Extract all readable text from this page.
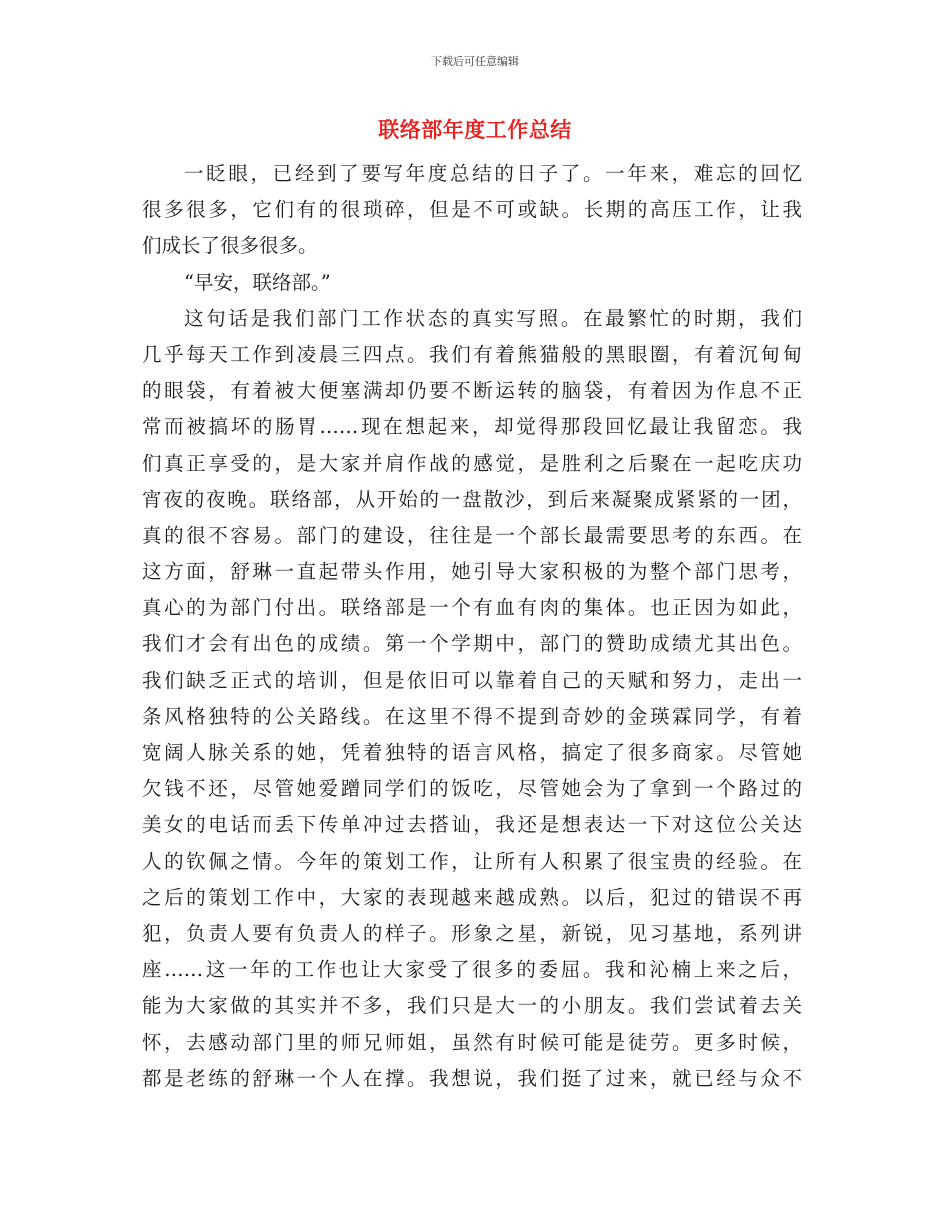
下载后可任意编辑
联络部年度工作总结
一眨眼，已经到了要写年度总结的日子了。一年来，难忘的回忆
很多很多，它们有的很琐碎，但是不可或缺。长期的高压工作，让我
们成长了很多很多。
“早安，联络部。”
这句话是我们部门工作状态的真实写照。在最繁忙的时期，我们
几乎每天工作到凌晨三四点。我们有着熊猫般的黑眼圈，有着沉甸甸
的眼袋，有着被大便塞满却仍要不断运转的脑袋，有着因为作息不正
常而被搞坏的肠胃……现在想起来，却觉得那段回忆最让我留恋。我
们真正享受的，是大家并肩作战的感觉，是胜利之后聚在一起吃庆功
宵夜的夜晚。联络部，从开始的一盘散沙，到后来凝聚成紧紧的一团，
真的很不容易。部门的建设，往往是一个部长最需要思考的东西。在
这方面，舒琳一直起带头作用，她引导大家积极的为整个部门思考，
真心的为部门付出。联络部是一个有血有肉的集体。也正因为如此，
我们才会有出色的成绩。第一个学期中，部门的赞助成绩尤其出色。
我们缺乏正式的培训，但是依旧可以靠着自己的天赋和努力，走出一
条风格独特的公关路线。在这里不得不提到奇妙的金瑛霖同学，有着
宽阔人脉关系的她，凭着独特的语言风格，搞定了很多商家。尽管她
欠钱不还，尽管她爱蹭同学们的饭吃，尽管她会为了拿到一个路过的
美女的电话而丢下传单冲过去搭讪，我还是想表达一下对这位公关达
人的钦佩之情。今年的策划工作，让所有人积累了很宝贵的经验。在
之后的策划工作中，大家的表现越来越成熟。以后，犯过的错误不再
犯，负责人要有负责人的样子。形象之星，新锐，见习基地，系列讲
座……这一年的工作也让大家受了很多的委屈。我和沁楠上来之后，
能为大家做的其实并不多，我们只是大一的小朋友。我们尝试着去关
怀，去感动部门里的师兄师姐，虽然有时候可能是徒劳。更多时候，
都是老练的舒琳一个人在撑。我想说，我们挺了过来，就已经与众不
